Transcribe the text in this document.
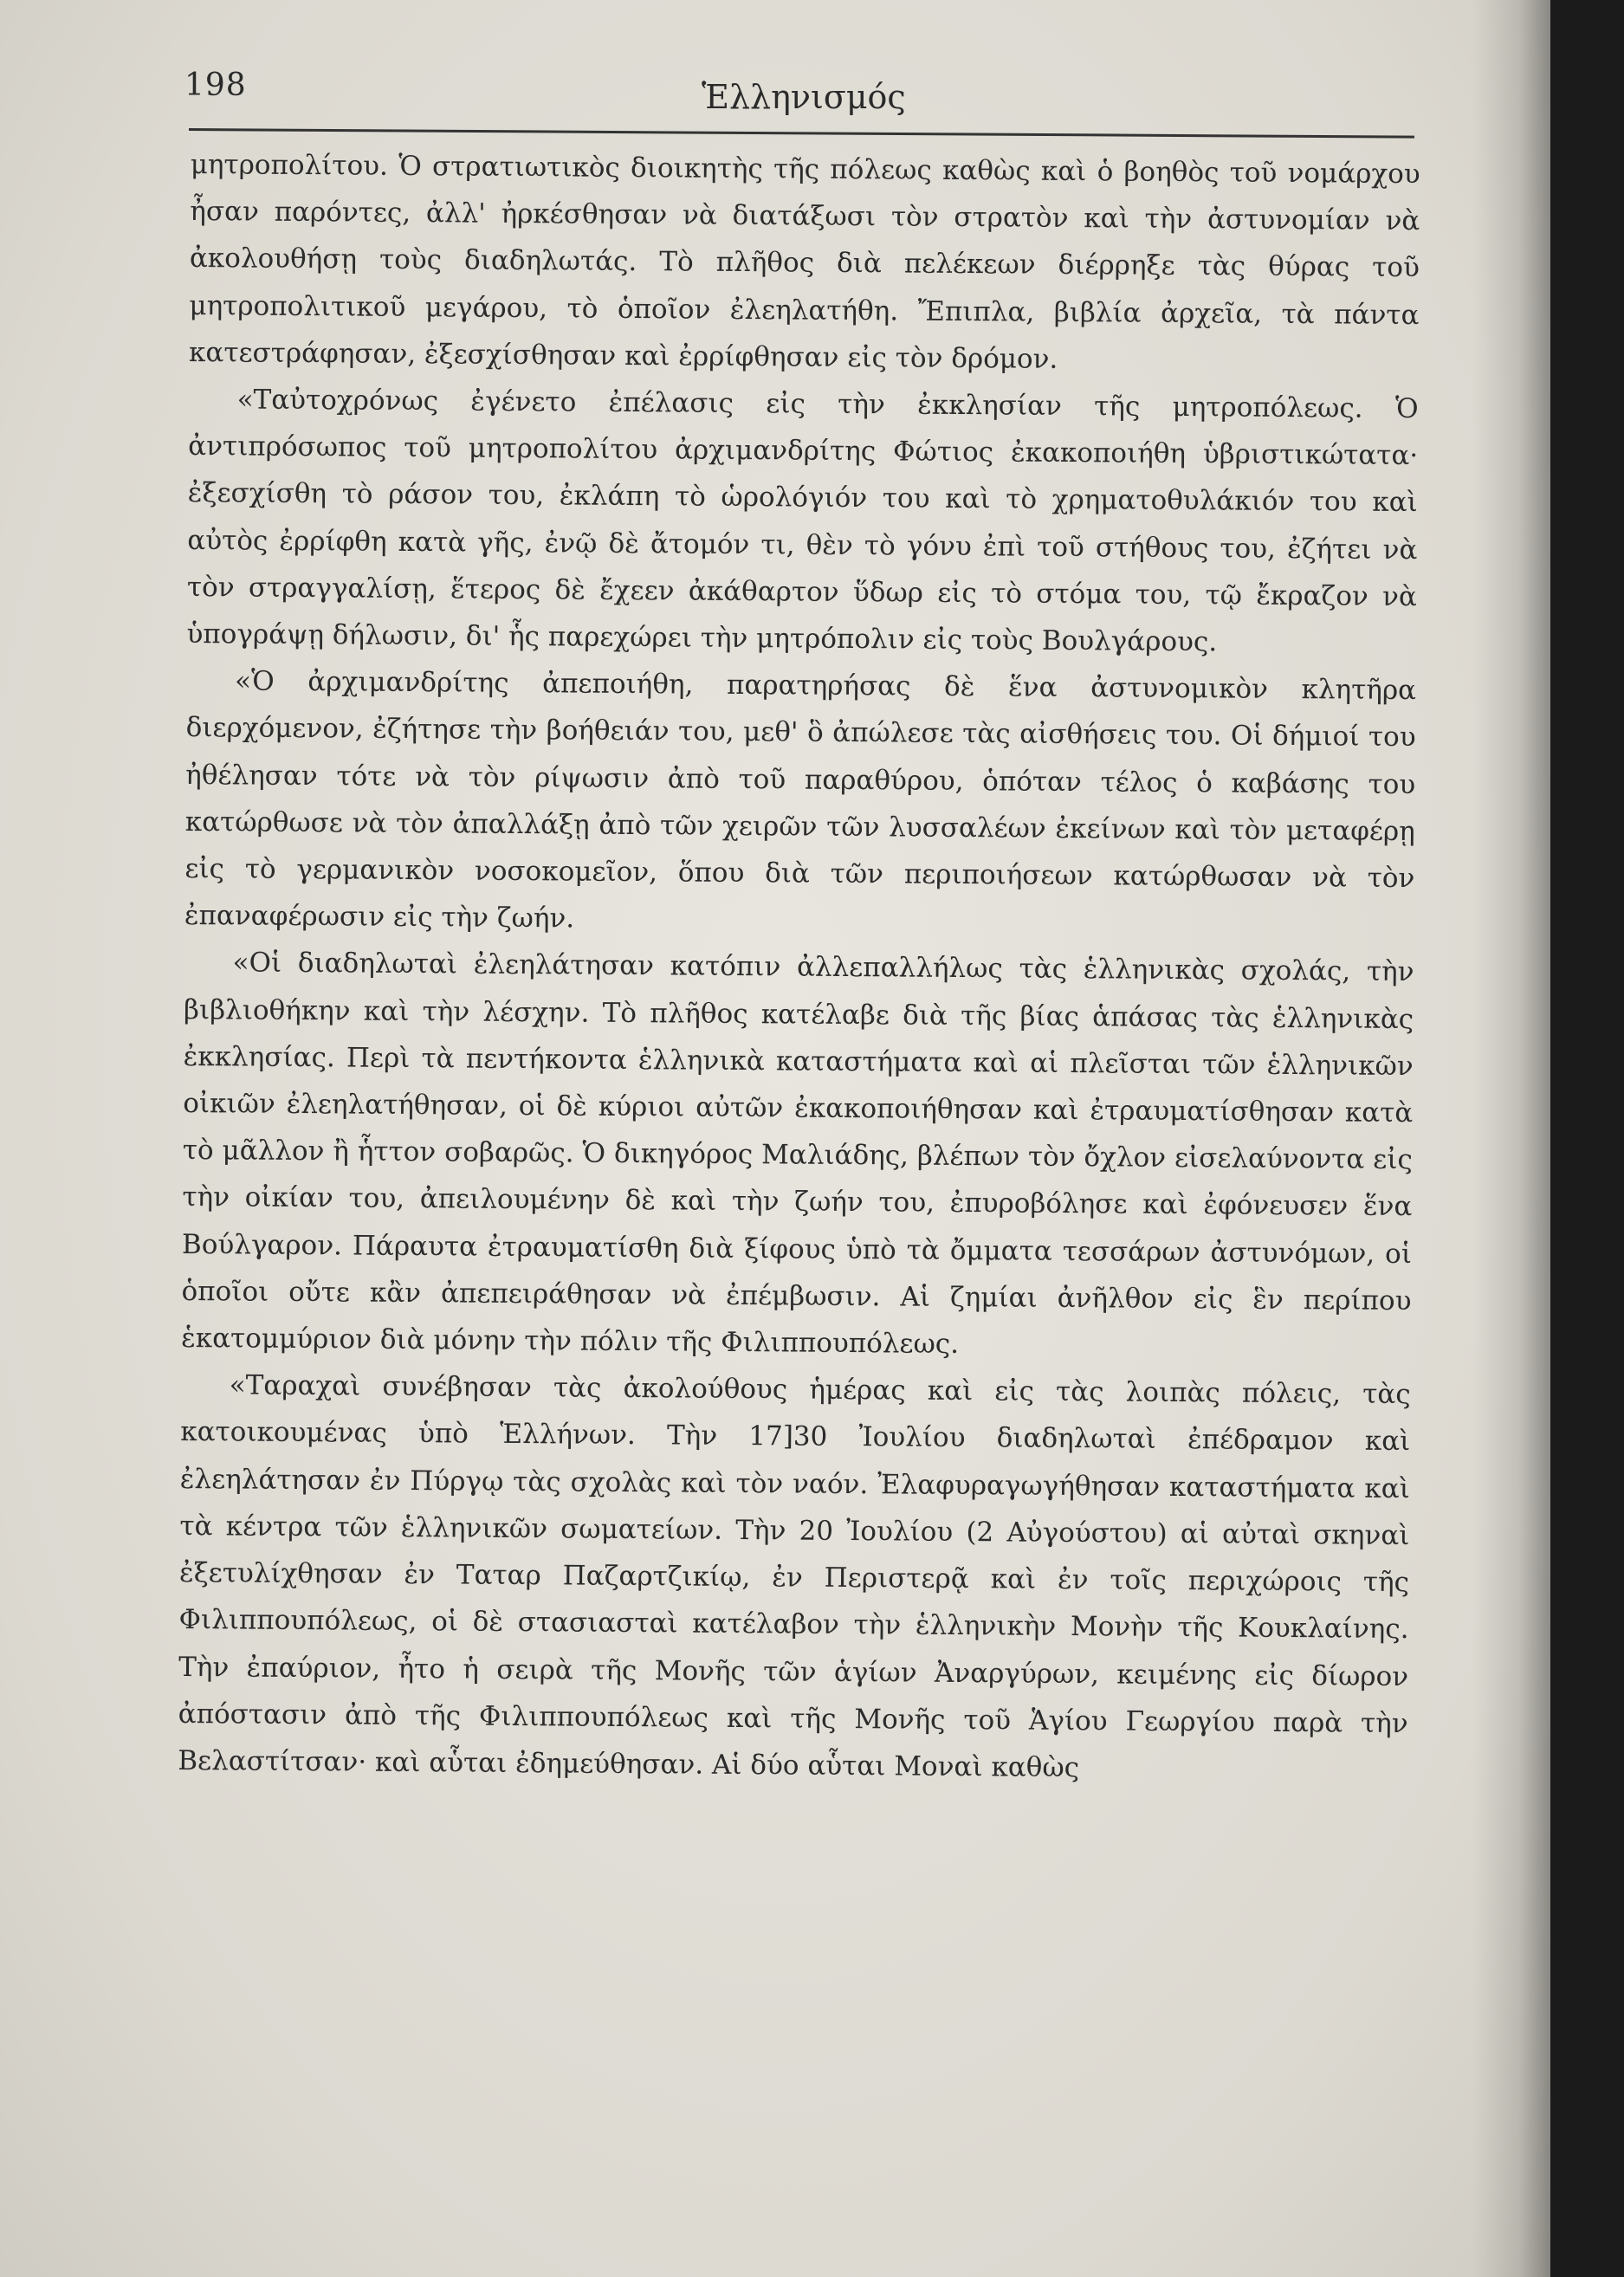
198	Ἑλληνισμός

μητροπολίτου. Ὁ στρατιωτικὸς διοικητὴς τῆς πόλεως καθὼς καὶ ὁ βοηθὸς τοῦ νομάρχου ἦσαν παρόντες, ἀλλ' ἠρκέσθησαν νὰ διατάξωσι τὸν στρατὸν καὶ τὴν ἀστυνομίαν νὰ ἀκολουθήσῃ τοὺς διαδηλωτάς. Τὸ πλῆθος διὰ πελέκεων διέρρηξε τὰς θύρας τοῦ μητροπολιτικοῦ μεγάρου, τὸ ὁποῖον ἐλεηλατήθη. Ἔπιπλα, βιβλία ἀρχεῖα, τὰ πάντα κατεστράφησαν, ἐξεσχίσθησαν καὶ ἐρρίφθησαν εἰς τὸν δρόμον.

«Ταὐτοχρόνως ἐγένετο ἐπέλασις εἰς τὴν ἐκκλησίαν τῆς μητροπόλεως. Ὁ ἀντιπρόσωπος τοῦ μητροπολίτου ἀρχιμανδρίτης Φώτιος ἐκακοποιήθη ὑβριστικώτατα· ἐξεσχίσθη τὸ ράσον του, ἐκλάπη τὸ ὡρολόγιόν του καὶ τὸ χρηματοθυλάκιόν του καὶ αὐτὸς ἐρρίφθη κατὰ γῆς, ἐνῷ δὲ ἄτομόν τι, θὲν τὸ γόνυ ἐπὶ τοῦ στήθους του, ἐζήτει νὰ τὸν στραγγαλίσῃ, ἕτερος δὲ ἔχεεν ἀκάθαρτον ὕδωρ εἰς τὸ στόμα του, τῷ ἔκραζον νὰ ὑπογράψῃ δήλωσιν, δι' ἧς παρεχώρει τὴν μητρόπολιν εἰς τοὺς Βουλγάρους.

«Ὁ ἀρχιμανδρίτης ἀπεποιήθη, παρατηρήσας δὲ ἕνα ἀστυνομικὸν κλητῆρα διερχόμενον, ἐζήτησε τὴν βοήθειάν του, μεθ' ὃ ἀπώλεσε τὰς αἰσθήσεις του. Οἱ δήμιοί του ἠθέλησαν τότε νὰ τὸν ρίψωσιν ἀπὸ τοῦ παραθύρου, ὁπόταν τέλος ὁ καβάσης του κατώρθωσε νὰ τὸν ἀπαλλάξῃ ἀπὸ τῶν χειρῶν τῶν λυσσαλέων ἐκείνων καὶ τὸν μεταφέρῃ εἰς τὸ γερμανικὸν νοσοκομεῖον, ὅπου διὰ τῶν περιποιήσεων κατώρθωσαν νὰ τὸν ἐπαναφέρωσιν εἰς τὴν ζωήν.

«Οἱ διαδηλωταὶ ἐλεηλάτησαν κατόπιν ἀλλεπαλλήλως τὰς ἑλληνικὰς σχολάς, τὴν βιβλιοθήκην καὶ τὴν λέσχην. Τὸ πλῆθος κατέλαβε διὰ τῆς βίας ἁπάσας τὰς ἑλληνικὰς ἐκκλησίας. Περὶ τὰ πεντήκοντα ἑλληνικὰ καταστήματα καὶ αἱ πλεῖσται τῶν ἑλληνικῶν οἰκιῶν ἐλεηλατήθησαν, οἱ δὲ κύριοι αὐτῶν ἐκακοποιήθησαν καὶ ἐτραυματίσθησαν κατὰ τὸ μᾶλλον ἢ ἧττον σοβαρῶς. Ὁ δικηγόρος Μαλιάδης, βλέπων τὸν ὄχλον εἰσελαύνοντα εἰς τὴν οἰκίαν του, ἀπειλουμένην δὲ καὶ τὴν ζωήν του, ἐπυροβόλησε καὶ ἐφόνευσεν ἕνα Βούλγαρον. Πάραυτα ἐτραυματίσθη διὰ ξίφους ὑπὸ τὰ ὄμματα τεσσάρων ἀστυνόμων, οἱ ὁποῖοι οὔτε κἂν ἀπεπειράθησαν νὰ ἐπέμβωσιν. Αἱ ζημίαι ἀνῆλθον εἰς ἓν περίπου ἑκατομμύριον διὰ μόνην τὴν πόλιν τῆς Φιλιππουπόλεως.

«Ταραχαὶ συνέβησαν τὰς ἀκολούθους ἡμέρας καὶ εἰς τὰς λοιπὰς πόλεις, τὰς κατοικουμένας ὑπὸ Ἑλλήνων. Τὴν 17]30 Ἰουλίου διαδηλωταὶ ἐπέδραμον καὶ ἐλεηλάτησαν ἐν Πύργῳ τὰς σχολὰς καὶ τὸν ναόν. Ἐλαφυραγωγήθησαν καταστήματα καὶ τὰ κέντρα τῶν ἑλληνικῶν σωματείων. Τὴν 20 Ἰουλίου (2 Αὐγούστου) αἱ αὐταὶ σκηναὶ ἐξετυλίχθησαν ἐν Ταταρ Παζαρτζικίῳ, ἐν Περιστερᾷ καὶ ἐν τοῖς περιχώροις τῆς Φιλιππουπόλεως, οἱ δὲ στασιασταὶ κατέλαβον τὴν ἑλληνικὴν Μονὴν τῆς Κουκλαίνης. Τὴν ἐπαύριον, ἦτο ἡ σειρὰ τῆς Μονῆς τῶν ἁγίων Ἀναργύρων, κειμένης εἰς δίωρον ἀπόστασιν ἀπὸ τῆς Φιλιππουπόλεως καὶ τῆς Μονῆς τοῦ Ἁγίου Γεωργίου παρὰ τὴν Βελαστίτσαν· καὶ αὗται ἐδημεύθησαν. Αἱ δύο αὗται Μοναὶ καθὼς
